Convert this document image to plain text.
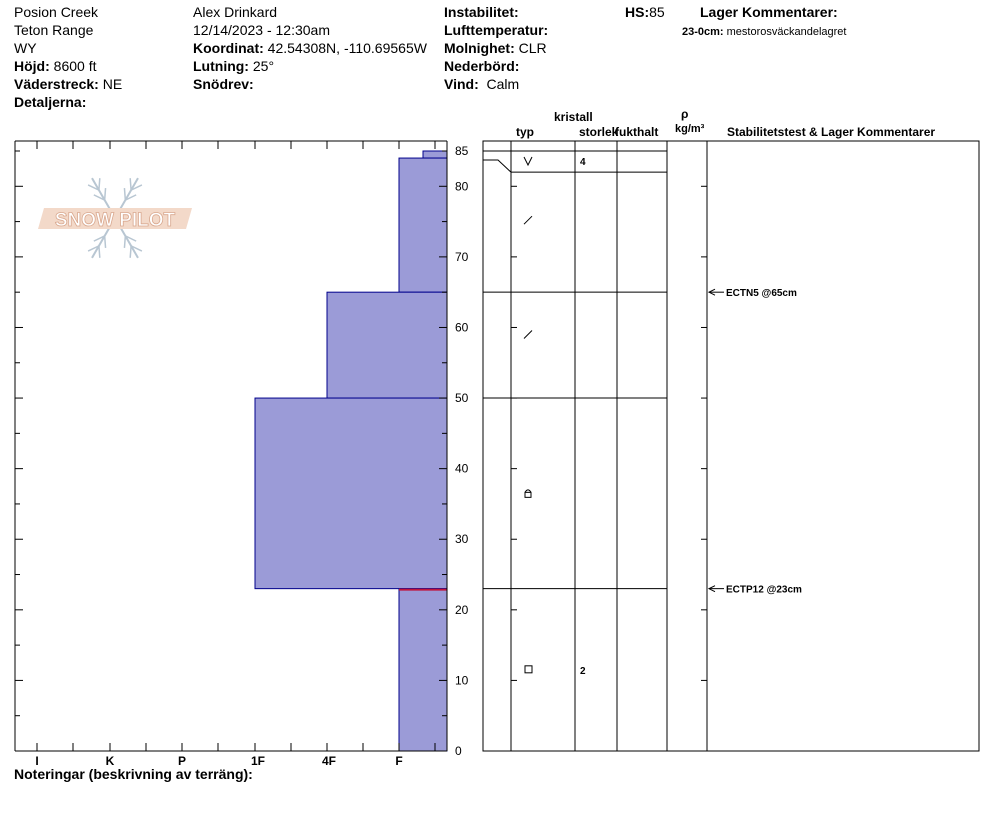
Posion Creek
Teton Range
WY
Höjd: 8600 ft
Väderstreck: NE
Detaljerna:
Alex Drinkard
12/14/2023 - 12:30am
Koordinat: 42.54308N, -110.69565W
Lutning: 25°
Snödrev:
Instabilitet:
Lufttemperatur:
Molnighet: CLR
Nederbörd:
Vind: Calm
HS:85	Lager Kommentarer:
23-0cm: mestorosväckandelagret
kristall
typ	storlek
fukthalt
ρ
kg/m³ Stabilitetstest & Lager Kommentarer
Noteringar (beskrivning av terräng):
0
10
20
30
40
50
60
70
80
85
I	K	P	1F	4F	F
SNOW PILOT
4
2
ECTN5 @65cm
ECTP12 @23cm
